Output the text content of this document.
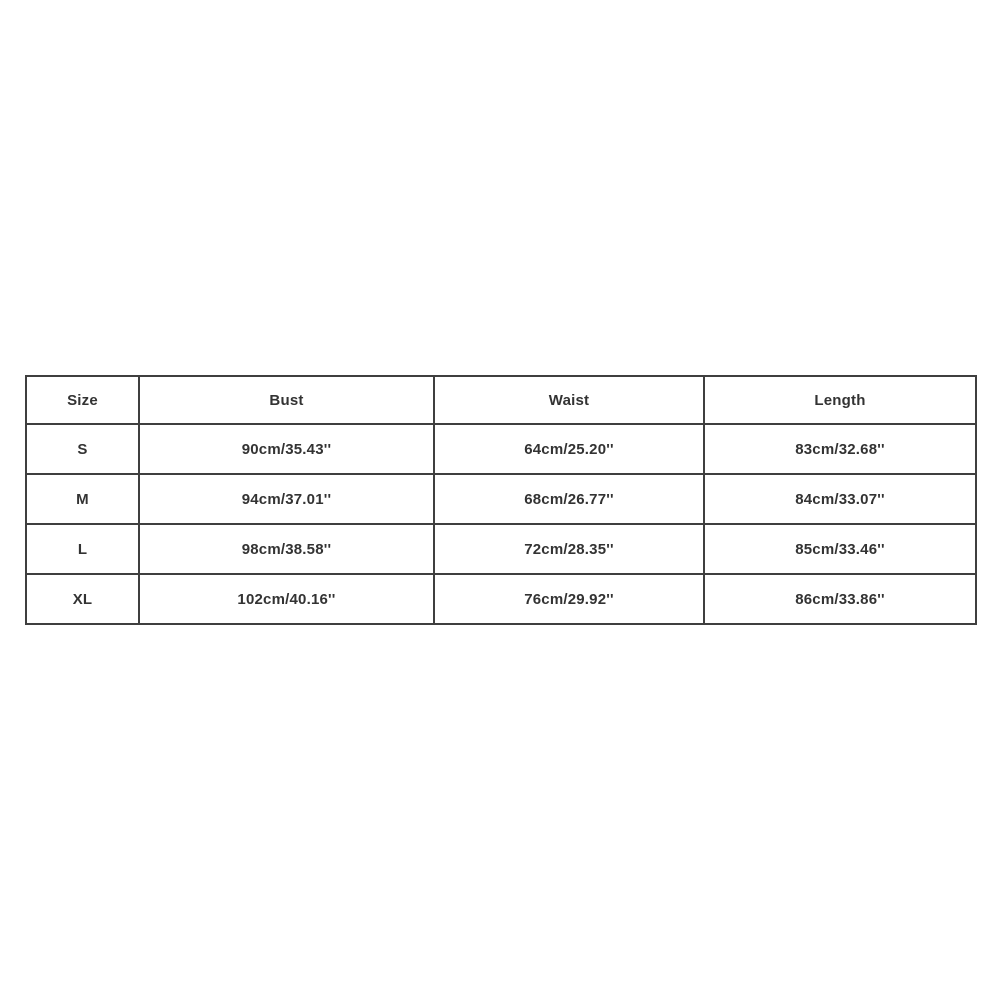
Size	Bust	Waist	Length
S	90cm/35.43''	64cm/25.20''	83cm/32.68''
M	94cm/37.01''	68cm/26.77''	84cm/33.07''
L	98cm/38.58''	72cm/28.35''	85cm/33.46''
XL	102cm/40.16''	76cm/29.92''	86cm/33.86''
